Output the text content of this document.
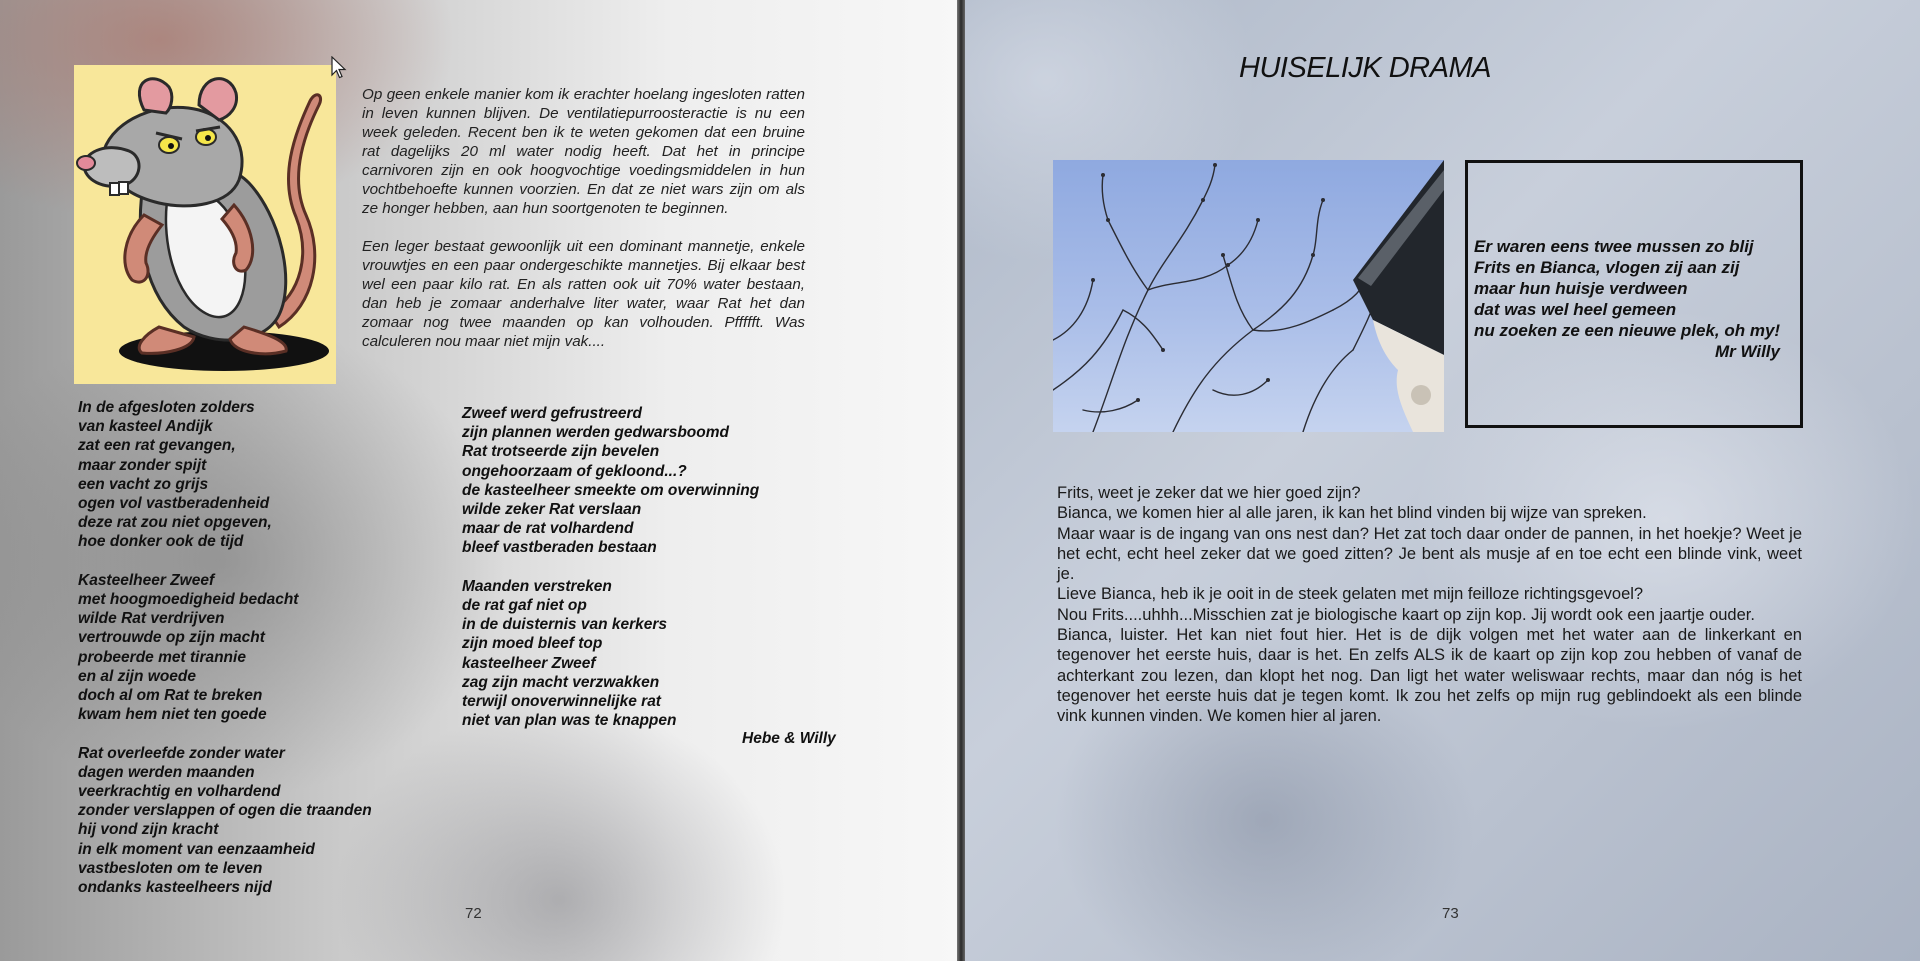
Op geen enkele manier kom ik erachter hoelang ingesloten ratten in leven kunnen blijven. De ventilatiepurroosteractie is nu een week geleden. Recent ben ik te weten gekomen dat een bruine rat dagelijks 20 ml water nodig heeft. Dat het in principe carnivoren zijn en ook hoogvochtige voedingsmiddelen in hun vochtbehoefte kunnen voorzien. En dat ze niet wars zijn om als ze honger hebben, aan hun soortgenoten te beginnen.

Een leger bestaat gewoonlijk uit een dominant mannetje, enkele vrouwtjes en een paar ondergeschikte mannetjes. Bij elkaar best wel een paar kilo rat. En als ratten ook uit 70% water bestaan, dan heb je zomaar anderhalve liter water, waar Rat het dan zomaar nog twee maanden op kan volhouden. Pffffft. Was calculeren nou maar niet mijn vak....

In de afgesloten zolders
van kasteel Andijk
zat een rat gevangen,
maar zonder spijt
een vacht zo grijs
ogen vol vastberadenheid
deze rat zou niet opgeven,
hoe donker ook de tijd
Kasteelheer Zweef
met hoogmoedigheid bedacht
wilde Rat verdrijven
vertrouwde op zijn macht
probeerde met tirannie
en al zijn woede
doch al om Rat te breken
kwam hem niet ten goede
Rat overleefde zonder water
dagen werden maanden
veerkrachtig en volhardend
zonder verslappen of ogen die traanden
hij vond zijn kracht
in elk moment van eenzaamheid
vastbesloten om te leven
ondanks kasteelheers nijd
Zweef werd gefrustreerd
zijn plannen werden gedwarsboomd
Rat trotseerde zijn bevelen
ongehoorzaam of gekloond...?
de kasteelheer smeekte om overwinning
wilde zeker Rat verslaan
maar de rat volhardend
bleef vastberaden bestaan
Maanden verstreken
de rat gaf niet op
in de duisternis van kerkers
zijn moed bleef top
kasteelheer Zweef
zag zijn macht verzwakken
terwijl onoverwinnelijke rat
niet van plan was te knappen
Hebe & Willy
72
HUISELIJK DRAMA
Er waren eens twee mussen zo blij
Frits en Bianca, vlogen zij aan zij
maar hun huisje verdween
dat was wel heel gemeen
nu zoeken ze een nieuwe plek, oh my!
Mr Willy

Frits, weet je zeker dat we hier goed zijn?

Bianca, we komen hier al alle jaren, ik kan het blind vinden bij wijze van spreken.

Maar waar is de ingang van ons nest dan? Het zat toch daar onder de pannen, in het hoekje? Weet je het echt, echt heel zeker dat we goed zitten? Je bent als musje af en toe echt een blinde vink, weet je.

Lieve Bianca, heb ik je ooit in de steek gelaten met mijn feilloze richtingsgevoel?

Nou Frits....uhhh...Misschien zat je biologische kaart op zijn kop. Jij wordt ook een jaartje ouder.

Bianca, luister. Het kan niet fout hier. Het is de dijk volgen met het water aan de linkerkant en tegenover het eerste huis, daar is het. En zelfs ALS ik de kaart op zijn kop zou hebben of vanaf de achterkant zou lezen, dan klopt het nog. Dan ligt het water weliswaar rechts, maar dan nóg is het tegenover het eerste huis dat je tegen komt. Ik zou het zelfs op mijn rug geblindoekt als een blinde vink kunnen vinden. We komen hier al jaren.

73
